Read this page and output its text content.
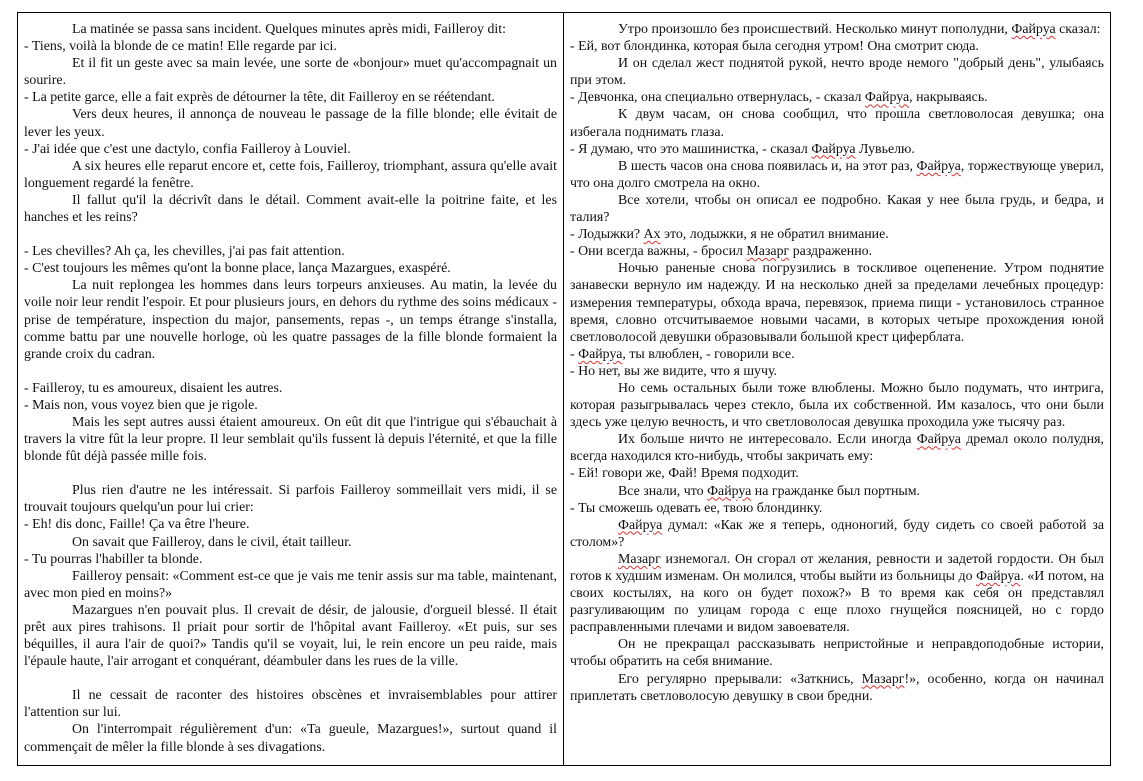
La matinée se passa sans incident. Quelques minutes après midi, Failleroy dit:

- Tiens, voilà la blonde de ce matin! Elle regarde par ici.

Et il fit un geste avec sa main levée, une sorte de «bonjour» muet qu'accompagnait un sourire.

- La petite garce, elle a fait exprès de détourner la tête, dit Failleroy en se réétendant.

Vers deux heures, il annonça de nouveau le passage de la fille blonde; elle évitait de lever les yeux.

- J'ai idée que c'est une dactylo, confia Failleroy à Louviel.

A six heures elle reparut encore et, cette fois, Failleroy, triomphant, assura qu'elle avait longuement regardé la fenêtre.

Il fallut qu'il la décrivît dans le détail. Comment avait-elle la poitrine faite, et les hanches et les reins?

- Les chevilles? Ah ça, les chevilles, j'ai pas fait attention.

- C'est toujours les mêmes qu'ont la bonne place, lança Mazargues, exaspéré.

La nuit replongea les hommes dans leurs torpeurs anxieuses. Au matin, la levée du voile noir leur rendit l'espoir. Et pour plusieurs jours, en dehors du rythme des soins médicaux - prise de température, inspection du major, pansements, repas -, un temps étrange s'installa, comme battu par une nouvelle horloge, où les quatre passages de la fille blonde formaient la grande croix du cadran.

- Failleroy, tu es amoureux, disaient les autres.

- Mais non, vous voyez bien que je rigole.

Mais les sept autres aussi étaient amoureux. On eût dit que l'intrigue qui s'ébauchait à travers la vitre fût la leur propre. Il leur semblait qu'ils fussent là depuis l'éternité, et que la fille blonde fût déjà passée mille fois.

Plus rien d'autre ne les intéressait. Si parfois Failleroy sommeillait vers midi, il se trouvait toujours quelqu'un pour lui crier:

- Eh! dis donc, Faille! Ça va être l'heure.

On savait que Failleroy, dans le civil, était tailleur.

- Tu pourras l'habiller ta blonde.

Failleroy pensait: «Comment est-ce que je vais me tenir assis sur ma table, maintenant, avec mon pied en moins?»

Mazargues n'en pouvait plus. Il crevait de désir, de jalousie, d'orgueil blessé. Il était prêt aux pires trahisons. Il priait pour sortir de l'hôpital avant Failleroy. «Et puis, sur ses béquilles, il aura l'air de quoi?» Tandis qu'il se voyait, lui, le rein encore un peu raide, mais l'épaule haute, l'air arrogant et conquérant, déambuler dans les rues de la ville.

Il ne cessait de raconter des histoires obscènes et invraisemblables pour attirer l'attention sur lui.

On l'interrompait régulièrement d'un: «Ta gueule, Mazargues!», surtout quand il commençait de mêler la fille blonde à ses divagations.

Утро произошло без происшествий. Несколько минут пополудни, Файруа сказал:

- Ей, вот блондинка, которая была сегодня утром! Она смотрит сюда.

И он сделал жест поднятой рукой, нечто вроде немого "добрый день", улыбаясь при этом.

- Девчонка, она специально отвернулась, - сказал Файруа, накрываясь.

К двум часам, он снова сообщил, что прошла светловолосая девушка; она избегала поднимать глаза.

- Я думаю, что это машинистка, - сказал Файруа Лувьелю.

В шесть часов она снова появилась и, на этот раз, Файруа, торжествующе уверил, что она долго смотрела на окно.

Все хотели, чтобы он описал ее подробно. Какая у нее была грудь, и бедра, и талия?

- Лодыжки? Ах это, лодыжки, я не обратил внимание.

- Они всегда важны, - бросил Мазарг раздраженно.

Ночью раненые снова погрузились в тоскливое оцепенение. Утром поднятие занавески вернуло им надежду. И на несколько дней за пределами лечебных процедур: измерения температуры, обхода врача, перевязок, приема пищи - установилось странное время, словно отсчитываемое новыми часами, в которых четыре прохождения юной светловолосой девушки образовывали большой крест циферблата.

- Файруа, ты влюблен, - говорили все.

- Но нет, вы же видите, что я шучу.

Но семь остальных были тоже влюблены. Можно было подумать, что интрига, которая разыгрывалась через стекло, была их собственной. Им казалось, что они были здесь уже целую вечность, и что светловолосая девушка проходила уже тысячу раз.

Их больше ничто не интересовало. Если иногда Файруа дремал около полудня, всегда находился кто-нибудь, чтобы закричать ему:

- Ей! говори же, Фай! Время подходит.

Все знали, что Файруа на гражданке был портным.

- Ты сможешь одевать ее, твою блондинку.

Файруа думал: «Как же я теперь, одноногий, буду сидеть со своей работой за столом»?

Мазарг изнемогал. Он сгорал от желания, ревности и задетой гордости. Он был готов к худшим изменам. Он молился, чтобы выйти из больницы до Файруа. «И потом, на своих костылях, на кого он будет похож?» В то время как себя он представлял разгуливающим по улицам города с еще плохо гнущейся поясницей, но с гордо расправленными плечами и видом завоевателя.

Он не прекращал рассказывать непристойные и неправдоподобные истории, чтобы обратить на себя внимание.

Его регулярно прерывали: «Заткнись, Мазарг!», особенно, когда он начинал приплетать светловолосую девушку в свои бредни.
